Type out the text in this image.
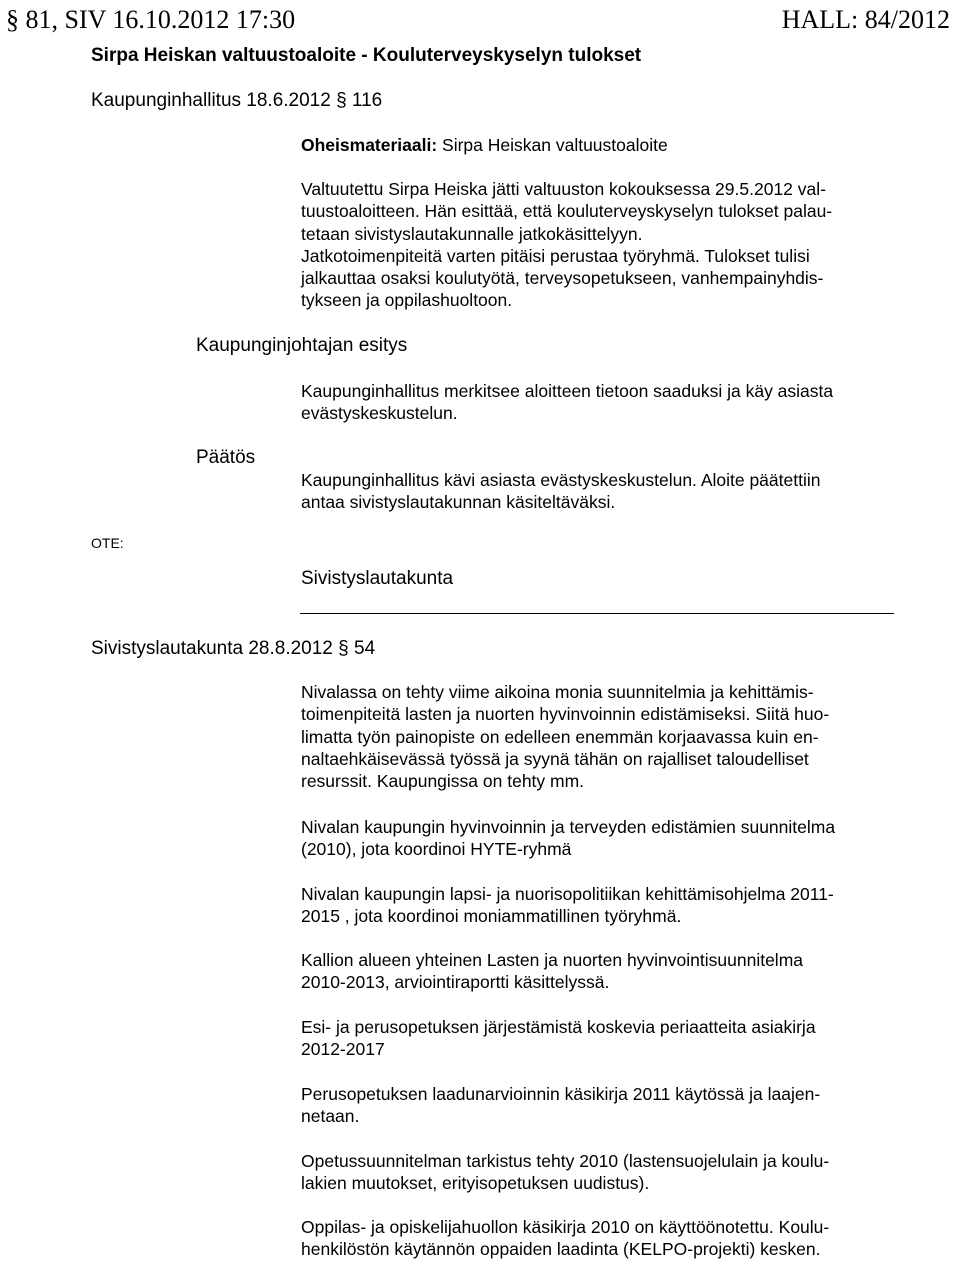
§ 81, SIV 16.10.2012 17:30	HALL: 84/2012
Sirpa Heiskan valtuustoaloite - Kouluterveyskyselyn tulokset
Kaupunginhallitus 18.6.2012 § 116
Oheismateriaali: Sirpa Heiskan valtuustoaloite

Valtuutettu Sirpa Heiska jätti valtuuston kokouksessa 29.5.2012 val-

tuustoaloitteen. Hän esittää, että kouluterveyskyselyn tulokset palau-

tetaan sivistyslautakunnalle jatkokäsittelyyn.

Jatkotoimenpiteitä varten pitäisi perustaa työryhmä. Tulokset tulisi

jalkauttaa osaksi koulutyötä, terveysopetukseen, vanhempainyhdis-

tykseen ja oppilashuoltoon.

Kaupunginjohtajan esitys

Kaupunginhallitus merkitsee aloitteen tietoon saaduksi ja käy asiasta

evästyskeskustelun.

Päätös

Kaupunginhallitus kävi asiasta evästyskeskustelun. Aloite päätettiin

antaa sivistyslautakunnan käsiteltäväksi.

OTE:
Sivistyslautakunta
Sivistyslautakunta 28.8.2012 § 54

Nivalassa on tehty viime aikoina monia suunnitelmia ja kehittämis-

toimenpiteitä lasten ja nuorten hyvinvoinnin edistämiseksi. Siitä huo-

limatta työn painopiste on edelleen enemmän korjaavassa kuin en-

naltaehkäisevässä työssä ja syynä tähän on rajalliset taloudelliset

resurssit. Kaupungissa on tehty mm.

Nivalan kaupungin hyvinvoinnin ja terveyden edistämien suunnitelma

(2010), jota koordinoi HYTE-ryhmä

Nivalan kaupungin lapsi- ja nuorisopolitiikan kehittämisohjelma 2011-

2015 , jota koordinoi moniammatillinen työryhmä.

Kallion alueen yhteinen Lasten ja nuorten hyvinvointisuunnitelma

2010-2013, arviointiraportti käsittelyssä.

Esi- ja perusopetuksen järjestämistä koskevia periaatteita asiakirja

2012-2017

Perusopetuksen laadunarvioinnin käsikirja 2011 käytössä ja laajen-

netaan.

Opetussuunnitelman tarkistus tehty 2010 (lastensuojelulain ja koulu-

lakien muutokset, erityisopetuksen uudistus).

Oppilas- ja opiskelijahuollon käsikirja 2010 on käyttöönotettu. Koulu-

henkilöstön käytännön oppaiden laadinta (KELPO-projekti) kesken.
